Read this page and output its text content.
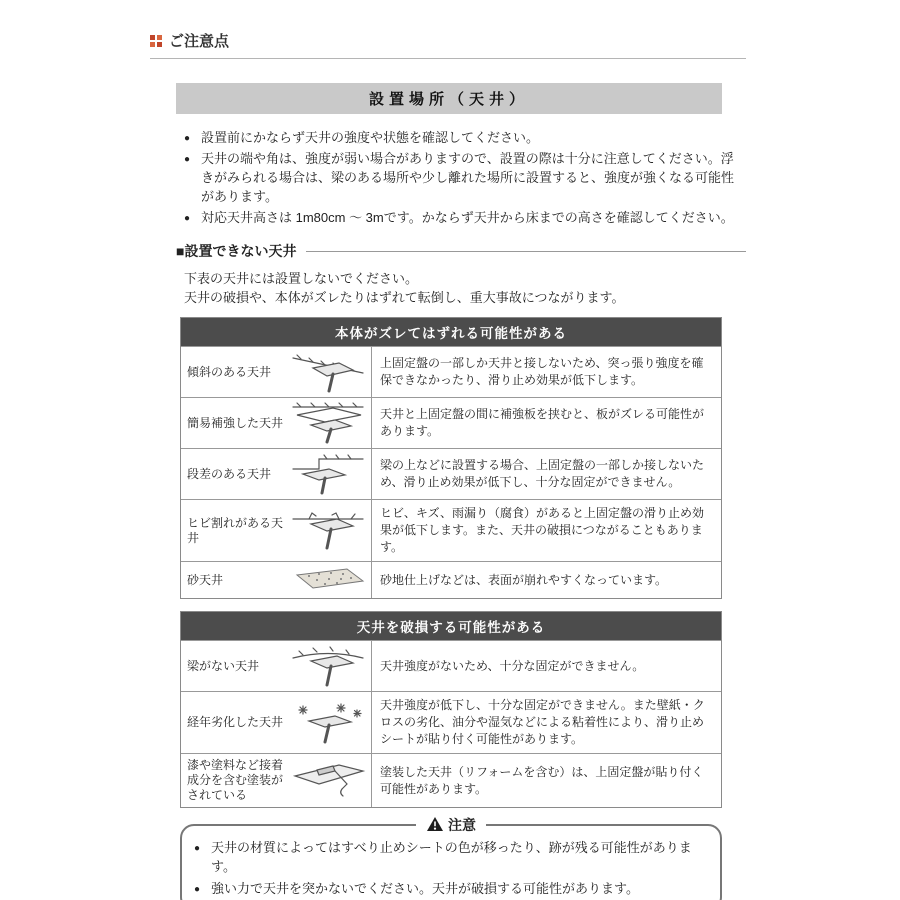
ご注意点
設置場所（天井）
● 設置前にかならず天井の強度や状態を確認してください。
● 天井の端や角は、強度が弱い場合がありますので、設置の際は十分に注意してください。浮きがみられる場合は、梁のある場所や少し離れた場所に設置すると、強度が強くなる可能性があります。
● 対応天井高さは 1m80cm ～ 3mです。かならず天井から床までの高さを確認してください。
■設置できない天井
下表の天井には設置しないでください。
天井の破損や、本体がズレたりはずれて転倒し、重大事故につながります。
本体がズレてはずれる可能性がある
傾斜のある天井
上固定盤の一部しか天井と接しないため、突っ張り強度を確保できなかったり、滑り止め効果が低下します。
簡易補強した天井
天井と上固定盤の間に補強板を挟むと、板がズレる可能性があります。
段差のある天井
梁の上などに設置する場合、上固定盤の一部しか接しないため、滑り止め効果が低下し、十分な固定ができません。
ヒビ割れがある天井
ヒビ、キズ、雨漏り（腐食）があると上固定盤の滑り止め効果が低下します。また、天井の破損につながることもあります。
砂天井	砂地仕上げなどは、表面が崩れやすくなっています。
天井を破損する可能性がある
梁がない天井	天井強度がないため、十分な固定ができません。
経年劣化した天井
天井強度が低下し、十分な固定ができません。また壁紙・クロスの劣化、油分や湿気などによる粘着性により、滑り止めシートが貼り付く可能性があります。
漆や塗料など接着成分を含む塗装がされている
塗装した天井（リフォームを含む）は、上固定盤が貼り付く可能性があります。
注意
● 天井の材質によってはすべり止めシートの色が移ったり、跡が残る可能性があります。
● 強い力で天井を突かないでください。天井が破損する可能性があります。
